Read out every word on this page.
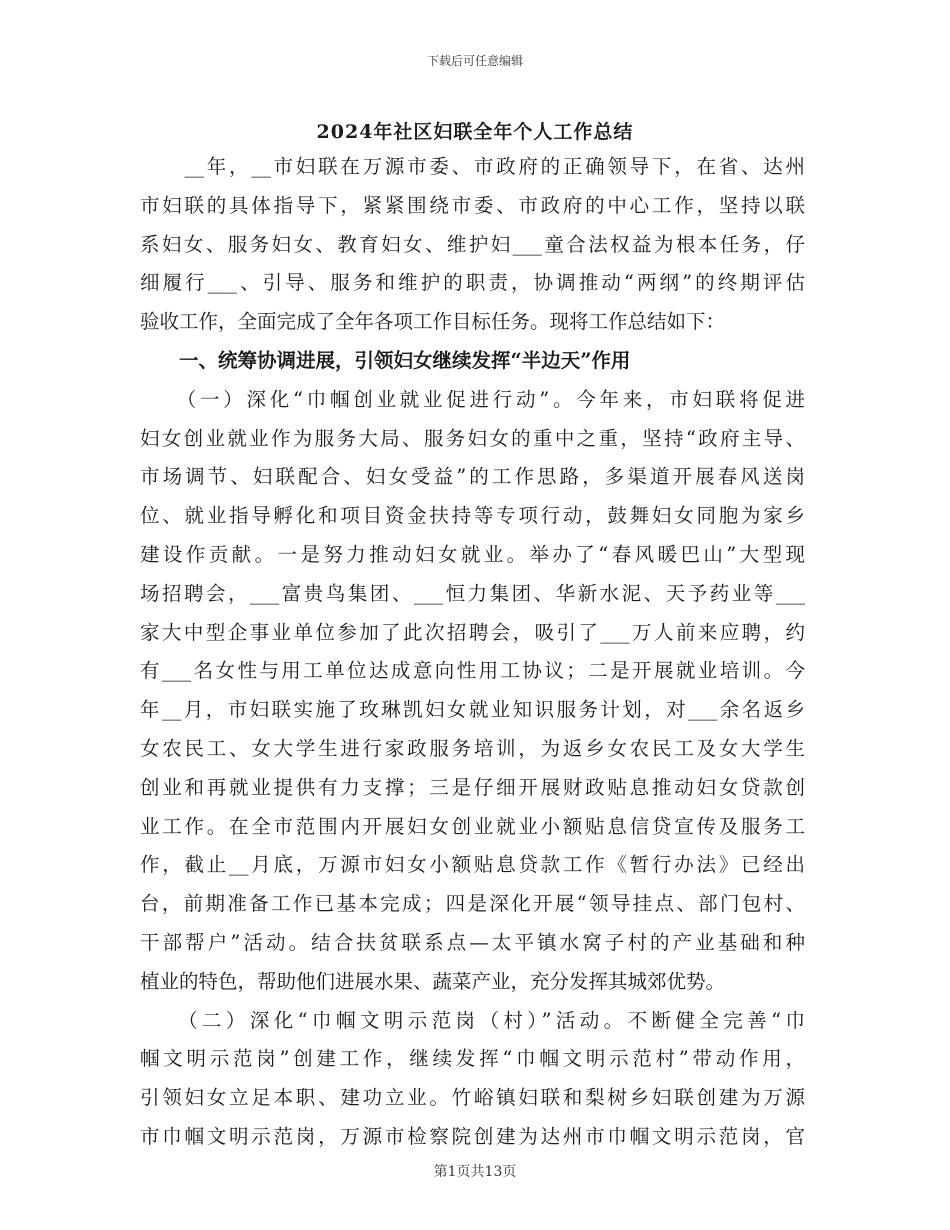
下载后可任意编辑
2024年社区妇联全年个人工作总结
　　__年，__市妇联在万源市委、市政府的正确领导下，在省、达州
市妇联的具体指导下，紧紧围绕市委、市政府的中心工作，坚持以联
系妇女、服务妇女、教育妇女、维护妇___童合法权益为根本任务，仔
细履行___、引导、服务和维护的职责，协调推动“两纲”的终期评估
验收工作，全面完成了全年各项工作目标任务。现将工作总结如下：
　　一、统筹协调进展，引领妇女继续发挥“半边天”作用
　　（一）深化“巾帼创业就业促进行动”。今年来，市妇联将促进
妇女创业就业作为服务大局、服务妇女的重中之重，坚持“政府主导、
市场调节、妇联配合、妇女受益”的工作思路，多渠道开展春风送岗
位、就业指导孵化和项目资金扶持等专项行动，鼓舞妇女同胞为家乡
建设作贡献。一是努力推动妇女就业。举办了“春风暖巴山”大型现
场招聘会，___富贵鸟集团、___恒力集团、华新水泥、天予药业等___
家大中型企事业单位参加了此次招聘会，吸引了___万人前来应聘，约
有___名女性与用工单位达成意向性用工协议；二是开展就业培训。今
年__月，市妇联实施了玫琳凯妇女就业知识服务计划，对___余名返乡
女农民工、女大学生进行家政服务培训，为返乡女农民工及女大学生
创业和再就业提供有力支撑；三是仔细开展财政贴息推动妇女贷款创
业工作。在全市范围内开展妇女创业就业小额贴息信贷宣传及服务工
作，截止__月底，万源市妇女小额贴息贷款工作《暂行办法》已经出
台，前期准备工作已基本完成；四是深化开展“领导挂点、部门包村、
干部帮户”活动。结合扶贫联系点—太平镇水窝子村的产业基础和种
植业的特色，帮助他们进展水果、蔬菜产业，充分发挥其城郊优势。
　　（二）深化“巾帼文明示范岗（村）”活动。不断健全完善“巾
帼文明示范岗”创建工作，继续发挥“巾帼文明示范村”带动作用，
引领妇女立足本职、建功立业。竹峪镇妇联和梨树乡妇联创建为万源
市巾帼文明示范岗，万源市检察院创建为达州市巾帼文明示范岗，官
第1页共13页
